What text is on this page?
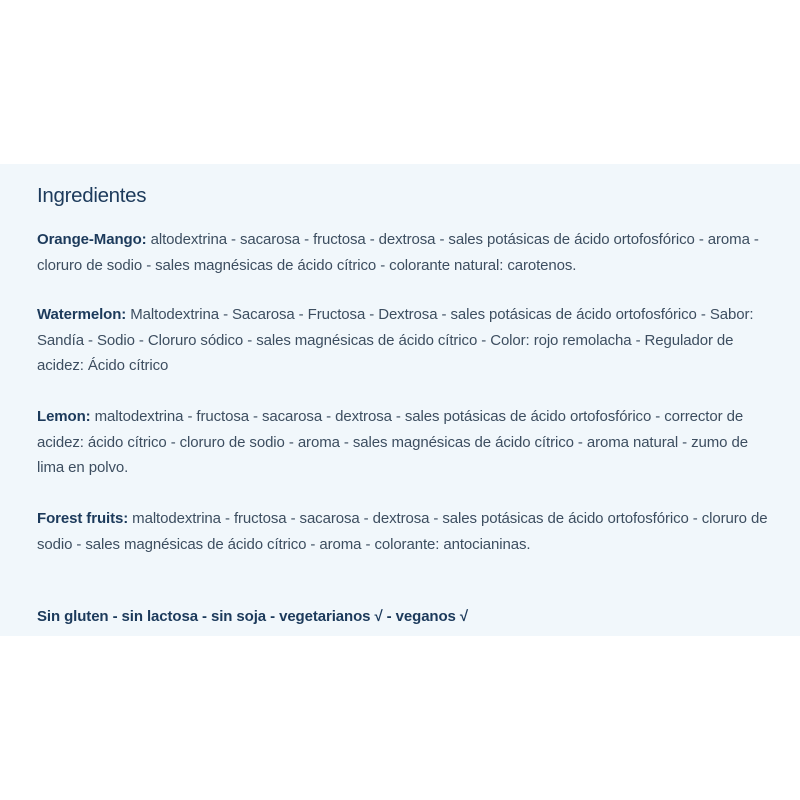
Ingredientes

Orange-Mango: altodextrina - sacarosa - fructosa - dextrosa - sales potásicas de ácido ortofosfórico - aroma - cloruro de sodio - sales magnésicas de ácido cítrico - colorante natural: carotenos.

Watermelon: Maltodextrina - Sacarosa - Fructosa - Dextrosa - sales potásicas de ácido ortofosfórico - Sabor: Sandía - Sodio - Cloruro sódico - sales magnésicas de ácido cítrico - Color: rojo remolacha - Regulador de acidez: Ácido cítrico

Lemon: maltodextrina - fructosa - sacarosa - dextrosa - sales potásicas de ácido ortofosfórico - corrector de acidez: ácido cítrico - cloruro de sodio - aroma - sales magnésicas de ácido cítrico - aroma natural - zumo de lima en polvo.

Forest fruits: maltodextrina - fructosa - sacarosa - dextrosa - sales potásicas de ácido ortofosfórico - cloruro de sodio - sales magnésicas de ácido cítrico - aroma - colorante: antocianinas.

Sin gluten - sin lactosa - sin soja - vegetarianos √ - veganos √
